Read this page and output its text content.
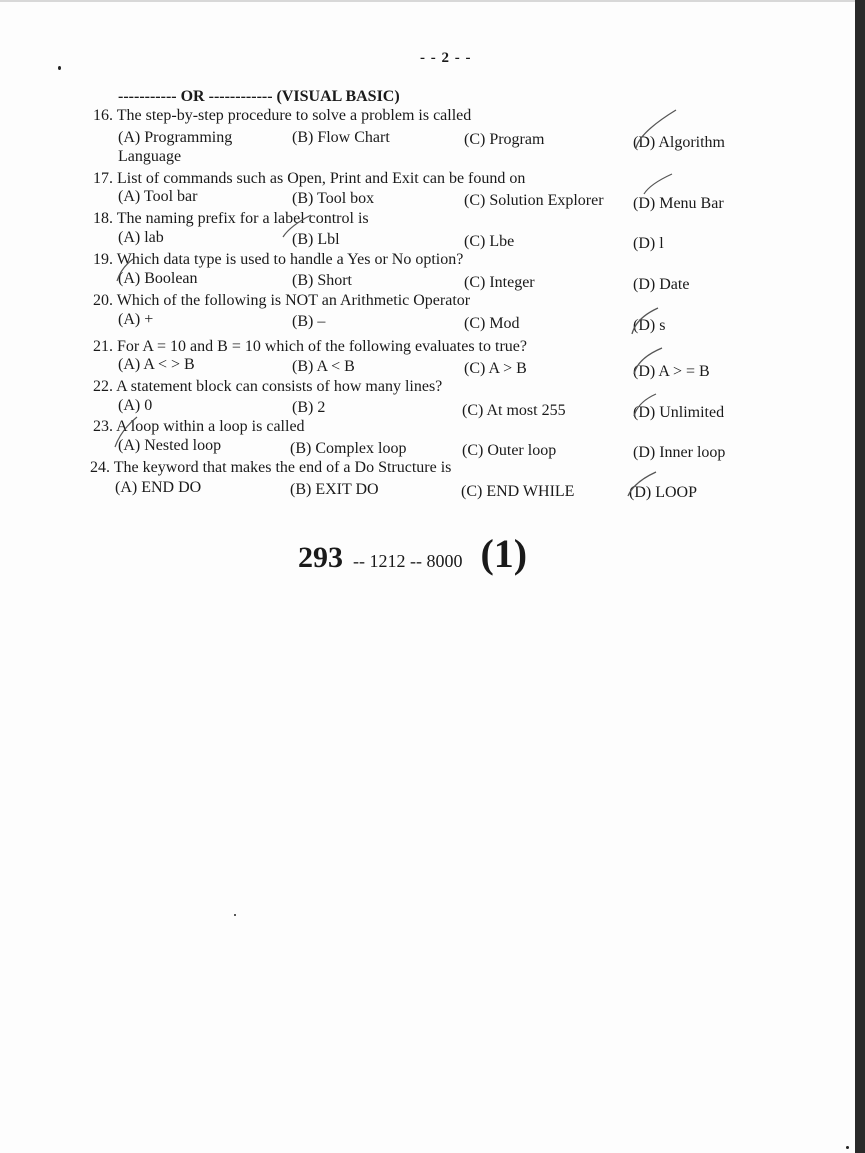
- - 2 - -
----------- OR ------------ (VISUAL BASIC)
16. The step-by-step procedure to solve a problem is called
(A) Programming Language
(B) Flow Chart	(C) Program	(D) Algorithm
17. List of commands such as Open, Print and Exit can be found on
(A) Tool bar	(B) Tool box	(C) Solution Explorer (D) Menu Bar
18. The naming prefix for a label control is
(A) lab	(B) Lbl	(C) Lbe	(D) l
19. Which data type is used to handle a Yes or No option?
(A) Boolean	(B) Short	(C) Integer	(D) Date
20. Which of the following is NOT an Arithmetic Operator
(A) +	(B) –	(C) Mod	(D) s
21. For A = 10 and B = 10 which of the following evaluates to true?
(A) A < > B	(B) A < B	(C) A > B	(D) A > = B
22. A statement block can consists of how many lines?
(A) 0	(B) 2	(C) At most 255	(D) Unlimited
23. A loop within a loop is called
(A) Nested loop	(B) Complex loop	(C) Outer loop	(D) Inner loop
24. The keyword that makes the end of a Do Structure is
(A) END DO	(B) EXIT DO	(C) END WHILE	(D) LOOP
293 -- 1212 -- 8000 (1)
